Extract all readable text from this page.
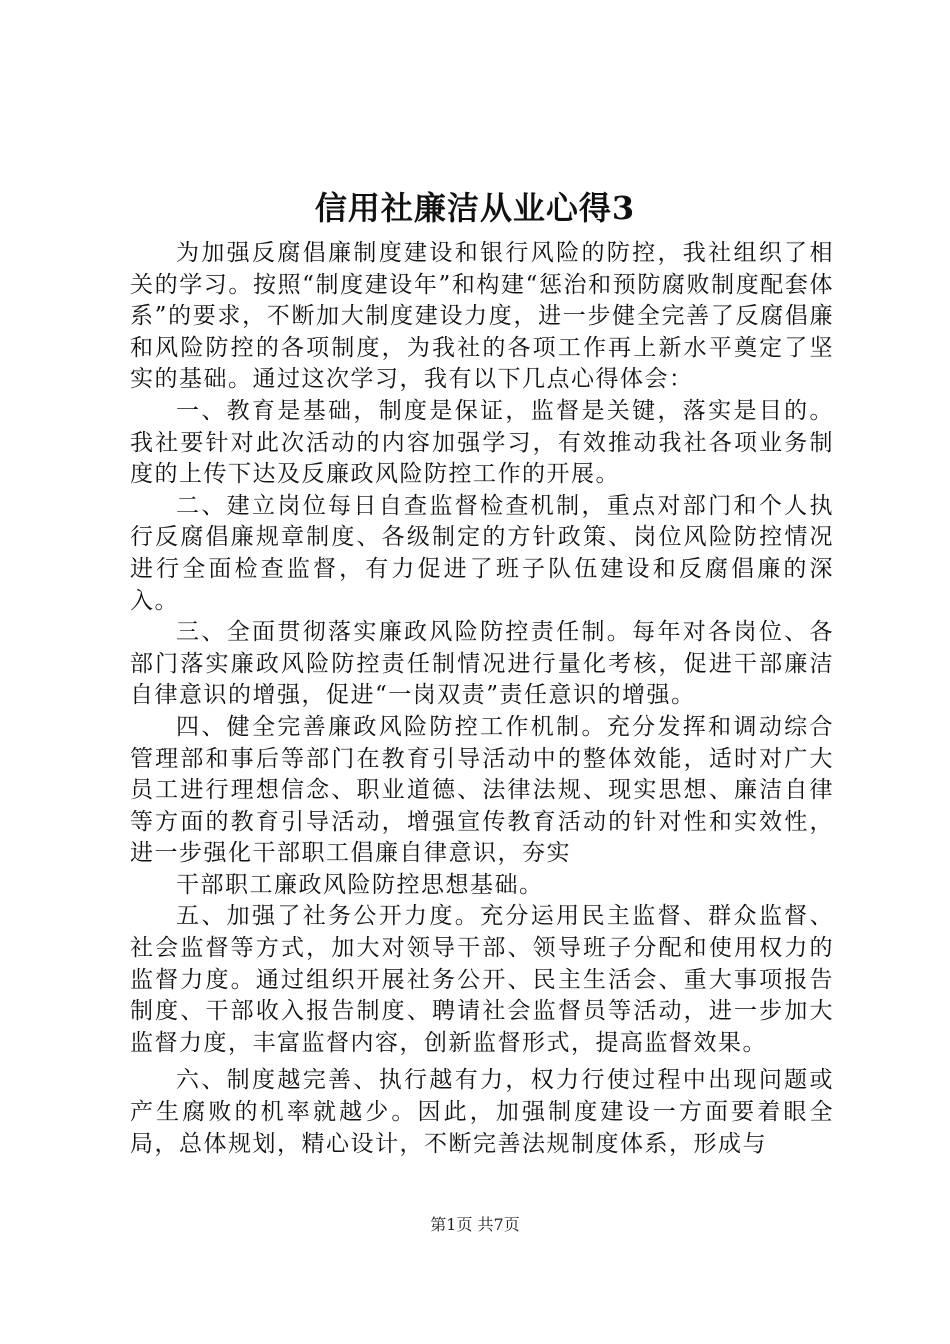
信用社廉洁从业心得3

为加强反腐倡廉制度建设和银行风险的防控，我社组织了相关的学习。按照“制度建设年”和构建“惩治和预防腐败制度配套体系”的要求，不断加大制度建设力度，进一步健全完善了反腐倡廉和风险防控的各项制度，为我社的各项工作再上新水平奠定了坚实的基础。通过这次学习，我有以下几点心得体会：

一、教育是基础，制度是保证，监督是关键，落实是目的。我社要针对此次活动的内容加强学习，有效推动我社各项业务制度的上传下达及反廉政风险防控工作的开展。

二、建立岗位每日自查监督检查机制，重点对部门和个人执行反腐倡廉规章制度、各级制定的方针政策、岗位风险防控情况进行全面检查监督，有力促进了班子队伍建设和反腐倡廉的深入。

三、全面贯彻落实廉政风险防控责任制。每年对各岗位、各部门落实廉政风险防控责任制情况进行量化考核，促进干部廉洁自律意识的增强，促进“一岗双责”责任意识的增强。

四、健全完善廉政风险防控工作机制。充分发挥和调动综合管理部和事后等部门在教育引导活动中的整体效能，适时对广大员工进行理想信念、职业道德、法律法规、现实思想、廉洁自律等方面的教育引导活动，增强宣传教育活动的针对性和实效性，进一步强化干部职工倡廉自律意识，夯实

干部职工廉政风险防控思想基础。

五、加强了社务公开力度。充分运用民主监督、群众监督、社会监督等方式，加大对领导干部、领导班子分配和使用权力的监督力度。通过组织开展社务公开、民主生活会、重大事项报告制度、干部收入报告制度、聘请社会监督员等活动，进一步加大监督力度，丰富监督内容，创新监督形式，提高监督效果。

六、制度越完善、执行越有力，权力行使过程中出现问题或产生腐败的机率就越少。因此，加强制度建设一方面要着眼全局，总体规划，精心设计，不断完善法规制度体系，形成与

第1页 共7页
